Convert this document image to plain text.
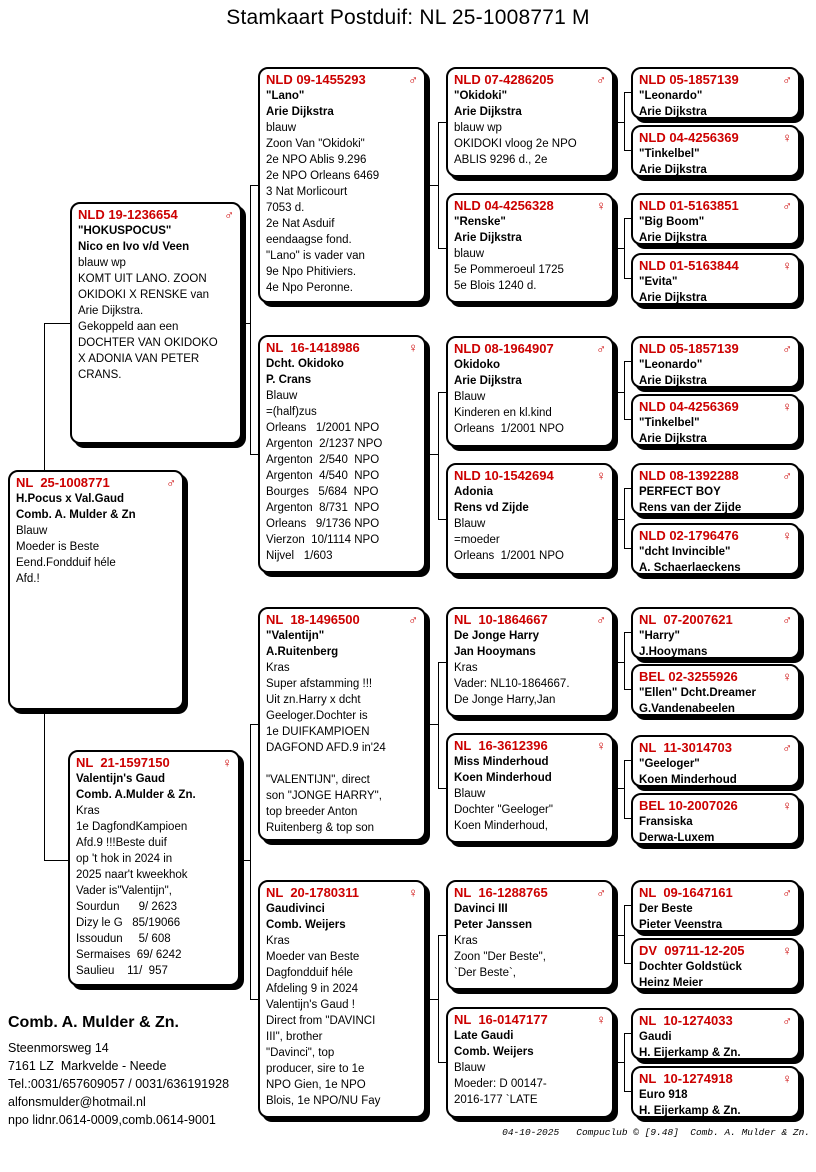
Stamkaart Postduif: NL 25-1008771 M
NL  25-1008771	♂
H.Pocus x Val.Gaud
Comb. A. Mulder & Zn
Blauw
Moeder is Beste
Eend.Fondduif héle
Afd.!
NLD 19-1236654	♂
"HOKUSPOCUS"
Nico en Ivo v/d Veen
blauw wp
KOMT UIT LANO. ZOON
OKIDOKI X RENSKE van
Arie Dijkstra.
Gekoppeld aan een
DOCHTER VAN OKIDOKO
X ADONIA VAN PETER
CRANS.
NL  21-1597150	♀
Valentijn's Gaud
Comb. A.Mulder & Zn.
Kras
1e DagfondKampioen
Afd.9 !!!Beste duif
op 't hok in 2024 in
2025 naar't kweekhok
Vader is"Valentijn",
Sourdun      9/ 2623
Dizy le G   85/19066
Issoudun     5/ 608
Sermaises  69/ 6242
Saulieu    11/  957
NLD 09-1455293	♂
"Lano"
Arie Dijkstra
blauw
Zoon Van "Okidoki"
2e NPO Ablis 9.296
2e NPO Orleans 6469
3 Nat Morlicourt
7053 d.
2e Nat Asduif
eendaagse fond.
"Lano" is vader van
9e Npo Phitiviers.
4e Npo Peronne.
NL  16-1418986	♀
Dcht. Okidoko
P. Crans
Blauw
=(half)zus
Orleans   1/2001 NPO
Argenton  2/1237 NPO
Argenton  2/540  NPO
Argenton  4/540  NPO
Bourges   5/684  NPO
Argenton  8/731  NPO
Orleans   9/1736 NPO
Vierzon  10/1114 NPO
Nijvel   1/603
NL  18-1496500	♂
"Valentijn"
A.Ruitenberg
Kras
Super afstamming !!!
Uit zn.Harry x dcht
Geeloger.Dochter is
1e DUIFKAMPIOEN
DAGFOND AFD.9 in'24

"VALENTIJN", direct
son "JONGE HARRY",
top breeder Anton
Ruitenberg & top son
NL  20-1780311	♀
Gaudivinci
Comb. Weijers
Kras
Moeder van Beste
Dagfondduif héle
Afdeling 9 in 2024
Valentijn's Gaud !
Direct from "DAVINCI
III", brother
"Davinci", top
producer, sire to 1e
NPO Gien, 1e NPO
Blois, 1e NPO/NU Fay
NLD 07-4286205	♂
"Okidoki"
Arie Dijkstra
blauw wp
OKIDOKI vloog 2e NPO
ABLIS 9296 d., 2e
NLD 04-4256328	♀
"Renske"
Arie Dijkstra
blauw
5e Pommeroeul 1725
5e Blois 1240 d.
NLD 08-1964907	♂
Okidoko
Arie Dijkstra
Blauw
Kinderen en kl.kind
Orleans  1/2001 NPO
NLD 10-1542694	♀
Adonia
Rens vd Zijde
Blauw
=moeder
Orleans  1/2001 NPO
NL  10-1864667	♂
De Jonge Harry
Jan Hooymans
Kras
Vader: NL10-1864667.
De Jonge Harry,Jan
NL  16-3612396	♀
Miss Minderhoud
Koen Minderhoud
Blauw
Dochter "Geeloger"
Koen Minderhoud,
NL  16-1288765	♂
Davinci III
Peter Janssen
Kras
Zoon "Der Beste",
`Der Beste`,
NL  16-0147177	♀
Late Gaudi
Comb. Weijers
Blauw
Moeder: D 00147-
2016-177 `LATE
NLD 05-1857139	♂
"Leonardo"
Arie Dijkstra
NLD 04-4256369	♀
"Tinkelbel"
Arie Dijkstra
NLD 01-5163851	♂
"Big Boom"
Arie Dijkstra
NLD 01-5163844	♀
"Evita"
Arie Dijkstra
NLD 05-1857139	♂
"Leonardo"
Arie Dijkstra
NLD 04-4256369	♀
"Tinkelbel"
Arie Dijkstra
NLD 08-1392288	♂
PERFECT BOY
Rens van der Zijde
NLD 02-1796476	♀
"dcht Invincible"
A. Schaerlaeckens
NL  07-2007621	♂
"Harry"
J.Hooymans
BEL 02-3255926	♀
"Ellen" Dcht.Dreamer
G.Vandenabeelen
NL  11-3014703	♂
"Geeloger"
Koen Minderhoud
BEL 10-2007026	♀
Fransiska
Derwa-Luxem
NL  09-1647161	♂
Der Beste
Pieter Veenstra
DV  09711-12-205	♀
Dochter Goldstück
Heinz Meier
NL  10-1274033	♂
Gaudi
H. Eijerkamp & Zn.
NL  10-1274918	♀
Euro 918
H. Eijerkamp & Zn.
Comb. A. Mulder & Zn.
Steenmorsweg 14
7161 LZ  Markvelde - Neede
Tel.:0031/657609057 / 0031/636191928
alfonsmulder@hotmail.nl
npo lidnr.0614-0009,comb.0614-9001
04-10-2025   Compuclub © [9.48]  Comb. A. Mulder & Zn.
